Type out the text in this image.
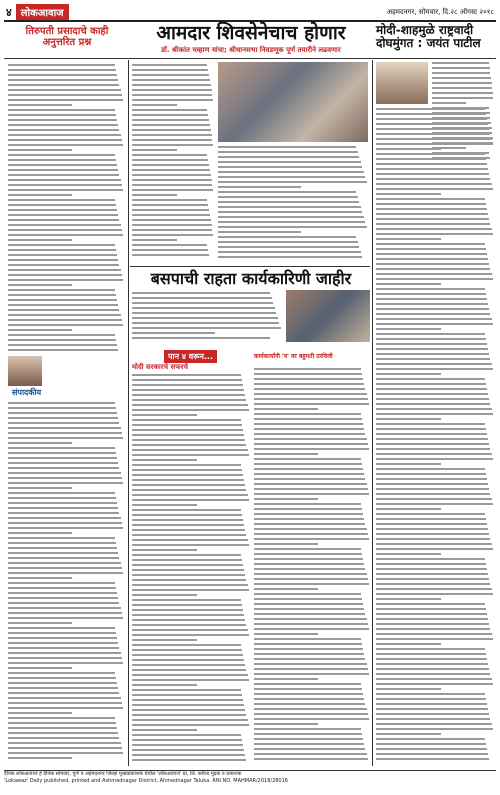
४ लोकआवाज	अहमदनगर, सोमवार, दि.२८ ऑगस्ट २०१८
तिरुपती प्रसादाचे काही अनुत्तरित प्रश्न	आमदार शिवसेनेचाच होणार
डॉ. श्रीकांत चव्हाण यांचा; श्रीधानसभा निवडणूक पूर्ण तयारीने लढवणार
मोदी-शाहमुळे राष्ट्रवादी दोघमुंगत : जयंत पाटील
संपादकीय
बसपाची राहता कार्यकारिणी जाहीर
पान ४ वरून...
मोदी सरकारचे सफरचे
कार्यकर्त्यांनी 'व' वर बहुमती ठरविली
दैनिक लोकआवाज हे दैनिक सोमवार, पुणे व अहमदनगर जिल्हा मुख्यप्रकाशक येथील 'लोकआवाज' प्रा. लि. करिता मुद्रक व प्रकाशक
'Lokawaz' Daily published, printed and Ashmadnagar District, Ahmednagar Taluka. RNI NO. MAHMAR/2018/28016
